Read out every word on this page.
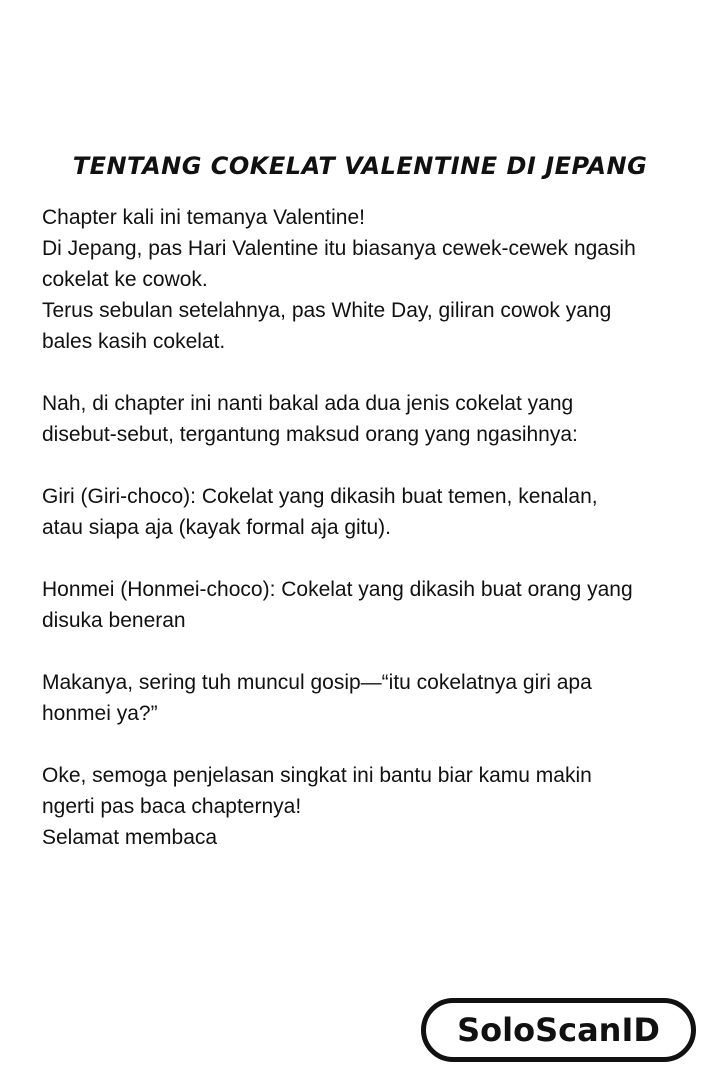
TENTANG COKELAT VALENTINE DI JEPANG

Chapter kali ini temanya Valentine!
Di Jepang, pas Hari Valentine itu biasanya cewek-cewek ngasih
cokelat ke cowok.
Terus sebulan setelahnya, pas White Day, giliran cowok yang
bales kasih cokelat.

Nah, di chapter ini nanti bakal ada dua jenis cokelat yang
disebut-sebut, tergantung maksud orang yang ngasihnya:

Giri (Giri-choco): Cokelat yang dikasih buat temen, kenalan,
atau siapa aja (kayak formal aja gitu).

Honmei (Honmei-choco): Cokelat yang dikasih buat orang yang
disuka beneran

Makanya, sering tuh muncul gosip—“itu cokelatnya giri apa
honmei ya?”

Oke, semoga penjelasan singkat ini bantu biar kamu makin
ngerti pas baca chapternya!
Selamat membaca

SoloScanID
